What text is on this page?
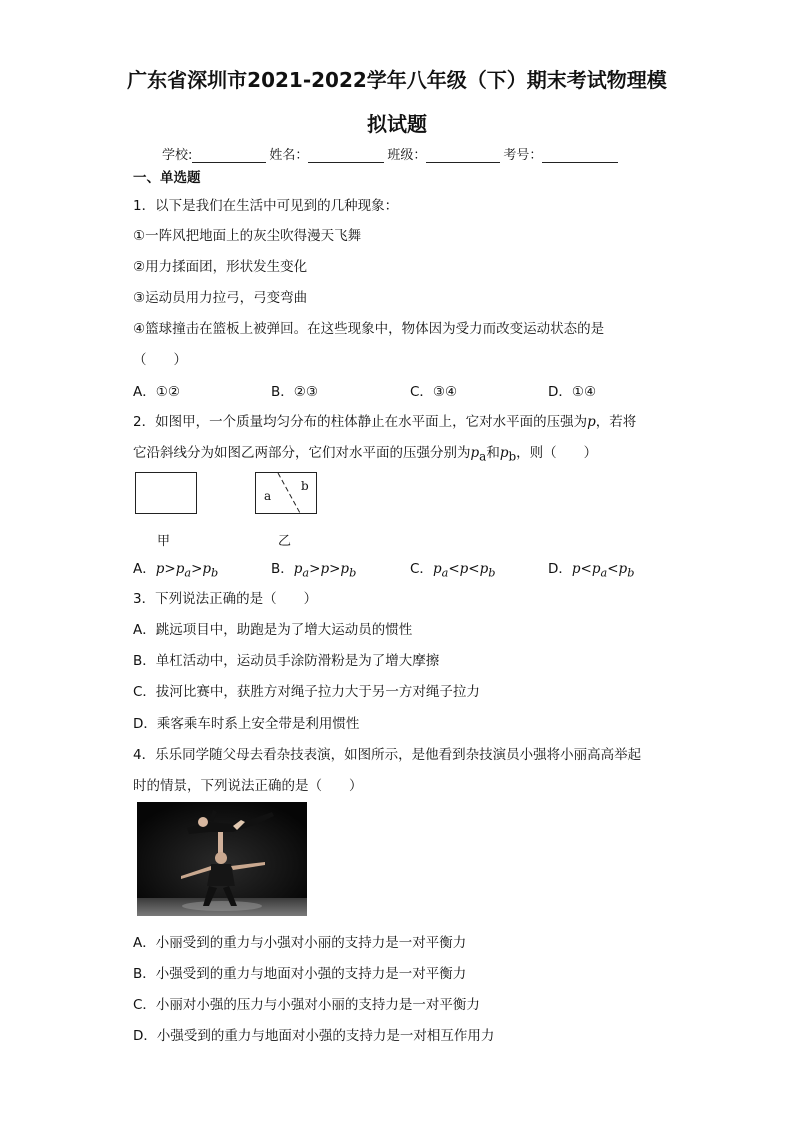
广东省深圳市2021-2022学年八年级（下）期末考试物理模
拟试题
学校:	姓名：	班级：	考号：
一、单选题
1．以下是我们在生活中可见到的几种现象：
①一阵风把地面上的灰尘吹得漫天飞舞
②用力揉面团，形状发生变化
③运动员用力拉弓，弓变弯曲
④篮球撞击在篮板上被弹回。在这些现象中，物体因为受力而改变运动状态的是
（　　）
A．①②	B．②③	C．③④	D．①④
2．如图甲，一个质量均匀分布的柱体静止在水平面上，它对水平面的压强为p，若将
它沿斜线分为如图乙两部分，它们对水平面的压强分别为$p_a$和$p_b$，则（　　）
a
b
甲	乙
A．$p>p_a>p_b$	B．$p_a>p>p_b$	C．$p_a<p<p_b$	D．$p<p_a<p_b$
3．下列说法正确的是（　　）
A．跳远项目中，助跑是为了增大运动员的惯性
B．单杠活动中，运动员手涂防滑粉是为了增大摩擦
C．拔河比赛中，获胜方对绳子拉力大于另一方对绳子拉力
D．乘客乘车时系上安全带是利用惯性
4．乐乐同学随父母去看杂技表演，如图所示，是他看到杂技演员小强将小丽高高举起
时的情景，下列说法正确的是（　　）
A．小丽受到的重力与小强对小丽的支持力是一对平衡力
B．小强受到的重力与地面对小强的支持力是一对平衡力
C．小丽对小强的压力与小强对小丽的支持力是一对平衡力
D．小强受到的重力与地面对小强的支持力是一对相互作用力
